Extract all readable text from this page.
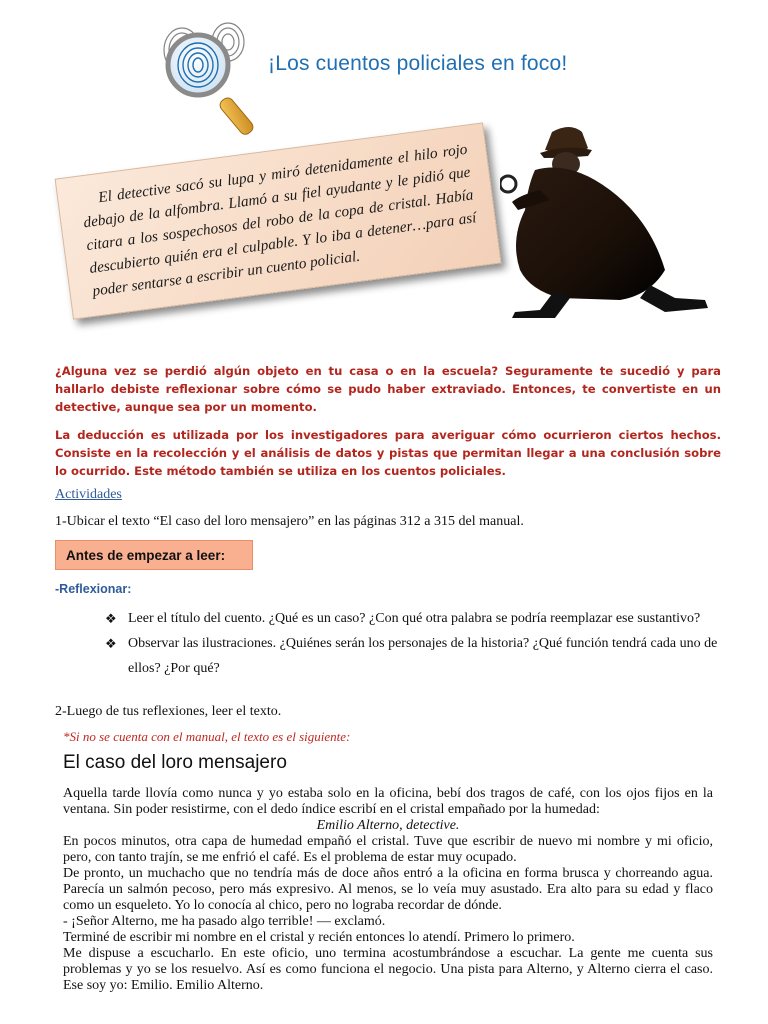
¡Los cuentos policiales en foco!
El detective sacó su lupa y miró detenidamente el hilo rojo debajo de la alfombra. Llamó a su fiel ayudante y le pidió que citara a los sospechosos del robo de la copa de cristal. Había descubierto quién era el culpable. Y lo iba a detener…para así poder sentarse a escribir un cuento policial.
¿Alguna vez se perdió algún objeto en tu casa o en la escuela? Seguramente te sucedió y para hallarlo debiste reflexionar sobre cómo se pudo haber extraviado. Entonces, te convertiste en un detective, aunque sea por un momento.
La deducción es utilizada por los investigadores para averiguar cómo ocurrieron ciertos hechos. Consiste en la recolección y el análisis de datos y pistas que permitan llegar a una conclusión sobre lo ocurrido. Este método también se utiliza en los cuentos policiales.
Actividades
1-Ubicar el texto “El caso del loro mensajero” en las páginas 312 a 315 del manual.
Antes de empezar a leer:
-Reflexionar:
❖ Leer el título del cuento. ¿Qué es un caso? ¿Con qué otra palabra se podría reemplazar ese sustantivo?
❖ Observar las ilustraciones. ¿Quiénes serán los personajes de la historia? ¿Qué función tendrá cada uno de ellos? ¿Por qué?
2-Luego de tus reflexiones, leer el texto.
*Si no se cuenta con el manual, el texto es el siguiente:
El caso del loro mensajero

Aquella tarde llovía como nunca y yo estaba solo en la oficina, bebí dos tragos de café, con los ojos fijos en la ventana. Sin poder resistirme, con el dedo índice escribí en el cristal empañado por la humedad:

Emilio Alterno, detective.

En pocos minutos, otra capa de humedad empañó el cristal. Tuve que escribir de nuevo mi nombre y mi oficio, pero, con tanto trajín, se me enfrió el café. Es el problema de estar muy ocupado.

De pronto, un muchacho que no tendría más de doce años entró a la oficina en forma brusca y chorreando agua. Parecía un salmón pecoso, pero más expresivo. Al menos, se lo veía muy asustado. Era alto para su edad y flaco como un esqueleto. Yo lo conocía al chico, pero no lograba recordar de dónde.

- ¡Señor Alterno, me ha pasado algo terrible! — exclamó.

Terminé de escribir mi nombre en el cristal y recién entonces lo atendí. Primero lo primero.

Me dispuse a escucharlo. En este oficio, uno termina acostumbrándose a escuchar. La gente me cuenta sus problemas y yo se los resuelvo. Así es como funciona el negocio. Una pista para Alterno, y Alterno cierra el caso. Ese soy yo: Emilio. Emilio Alterno.
